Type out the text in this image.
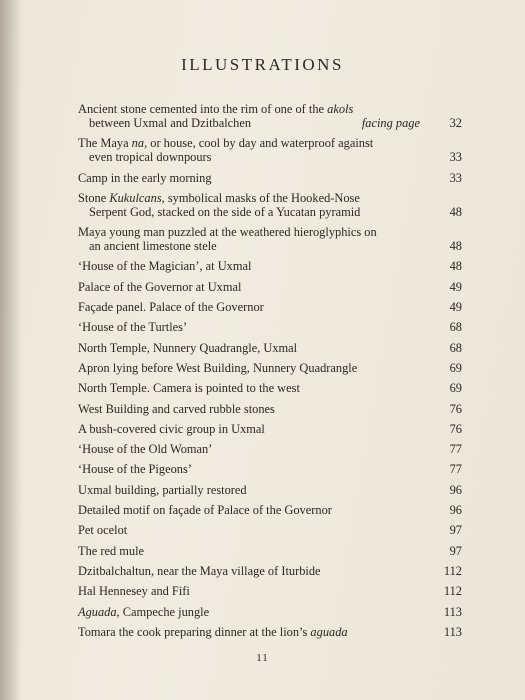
ILLUSTRATIONS
Ancient stone cemented into the rim of one of the akols
between Uxmal and Dzitbalchen	facing page	32
The Maya na, or house, cool by day and waterproof against
even tropical downpours	33
Camp in the early morning	33
Stone Kukulcans, symbolical masks of the Hooked-Nose
Serpent God, stacked on the side of a Yucatan pyramid	48
Maya young man puzzled at the weathered hieroglyphics on
an ancient limestone stele	48
‘House of the Magician’, at Uxmal	48
Palace of the Governor at Uxmal	49
Façade panel. Palace of the Governor	49
‘House of the Turtles’	68
North Temple, Nunnery Quadrangle, Uxmal	68
Apron lying before West Building, Nunnery Quadrangle	69
North Temple. Camera is pointed to the west	69
West Building and carved rubble stones	76
A bush-covered civic group in Uxmal	76
‘House of the Old Woman’	77
‘House of the Pigeons’	77
Uxmal building, partially restored	96
Detailed motif on façade of Palace of the Governor	96
Pet ocelot	97
The red mule	97
Dzitbalchaltun, near the Maya village of Iturbide	112
Hal Hennesey and Fifi	112
Aguada, Campeche jungle	113
Tomara the cook preparing dinner at the lion’s aguada	113
11
